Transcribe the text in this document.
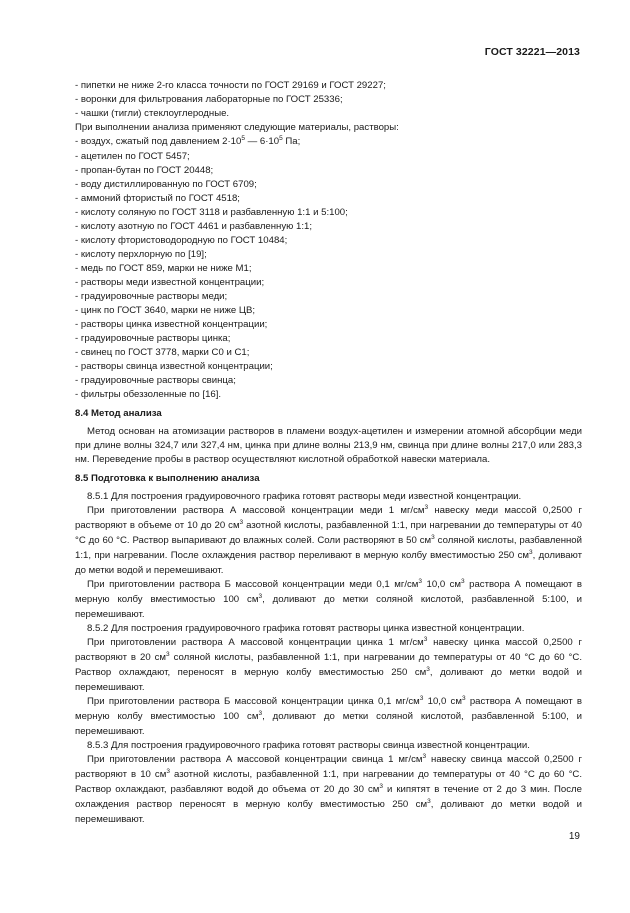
ГОСТ 32221—2013

- пипетки не ниже 2-го класса точности по ГОСТ 29169 и ГОСТ 29227;

- воронки для фильтрования лабораторные по ГОСТ 25336;

- чашки (тигли) стеклоуглеродные.

При выполнении анализа применяют следующие материалы, растворы:

- воздух, сжатый под давлением $2\cdot 10^5$ — $6\cdot 10^5$ Па;

- ацетилен по ГОСТ 5457;

- пропан-бутан по ГОСТ 20448;

- воду дистиллированную по ГОСТ 6709;

- аммоний фтористый по ГОСТ 4518;

- кислоту соляную по ГОСТ 3118 и разбавленную 1:1 и 5:100;

- кислоту азотную по ГОСТ 4461 и разбавленную 1:1;

- кислоту фтористоводородную по ГОСТ 10484;

- кислоту перхлорную по [19];

- медь по ГОСТ 859, марки не ниже М1;

- растворы меди известной концентрации;

- градуировочные растворы меди;

- цинк по ГОСТ 3640, марки не ниже ЦВ;

- растворы цинка известной концентрации;

- градуировочные растворы цинка;

- свинец по ГОСТ 3778, марки С0 и С1;

- растворы свинца известной концентрации;

- градуировочные растворы свинца;

- фильтры обеззоленные по [16].

8.4 Метод анализа

Метод основан на атомизации растворов в пламени воздух-ацетилен и измерении атомной абсорбции меди при длине волны 324,7 или 327,4 нм, цинка при длине волны 213,9 нм, свинца при длине волны 217,0 или 283,3 нм. Переведение пробы в раствор осуществляют кислотной обработкой навески материала.

8.5 Подготовка к выполнению анализа

8.5.1 Для построения градуировочного графика готовят растворы меди известной концентрации.

При приготовлении раствора А массовой концентрации меди 1 $мг/см^3$ навеску меди массой 0,2500 г растворяют в объеме от 10 до 20 $см^3$ азотной кислоты, разбавленной 1:1, при нагревании до температуры от 40 °С до 60 °С. Раствор выпаривают до влажных солей. Соли растворяют в 50 $см^3$ соляной кислоты, разбавленной 1:1, при нагревании. После охлаждения раствор переливают в мерную колбу вместимостью 250 $см^3$, доливают до метки водой и перемешивают.

При приготовлении раствора Б массовой концентрации меди 0,1 $мг/см^3$ 10,0 $см^3$ раствора А помещают в мерную колбу вместимостью 100 $см^3$, доливают до метки соляной кислотой, разбавленной 5:100, и перемешивают.

8.5.2 Для построения градуировочного графика готовят растворы цинка известной концентрации.

При приготовлении раствора А массовой концентрации цинка 1 $мг/см^3$ навеску цинка массой 0,2500 г растворяют в 20 $см^3$ соляной кислоты, разбавленной 1:1, при нагревании до температуры от 40 °С до 60 °С. Раствор охлаждают, переносят в мерную колбу вместимостью 250 $см^3$, доливают до метки водой и перемешивают.

При приготовлении раствора Б массовой концентрации цинка 0,1 $мг/см^3$ 10,0 $см^3$ раствора А помещают в мерную колбу вместимостью 100 $см^3$, доливают до метки соляной кислотой, разбавленной 5:100, и перемешивают.

8.5.3 Для построения градуировочного графика готовят растворы свинца известной концентрации.

При приготовлении раствора А массовой концентрации свинца 1 $мг/см^3$ навеску свинца массой 0,2500 г растворяют в 10 $см^3$ азотной кислоты, разбавленной 1:1, при нагревании до температуры от 40 °С до 60 °С. Раствор охлаждают, разбавляют водой до объема от 20 до 30 $см^3$ и кипятят в течение от 2 до 3 мин. После охлаждения раствор переносят в мерную колбу вместимостью 250 $см^3$, доливают до метки водой и перемешивают.

19
